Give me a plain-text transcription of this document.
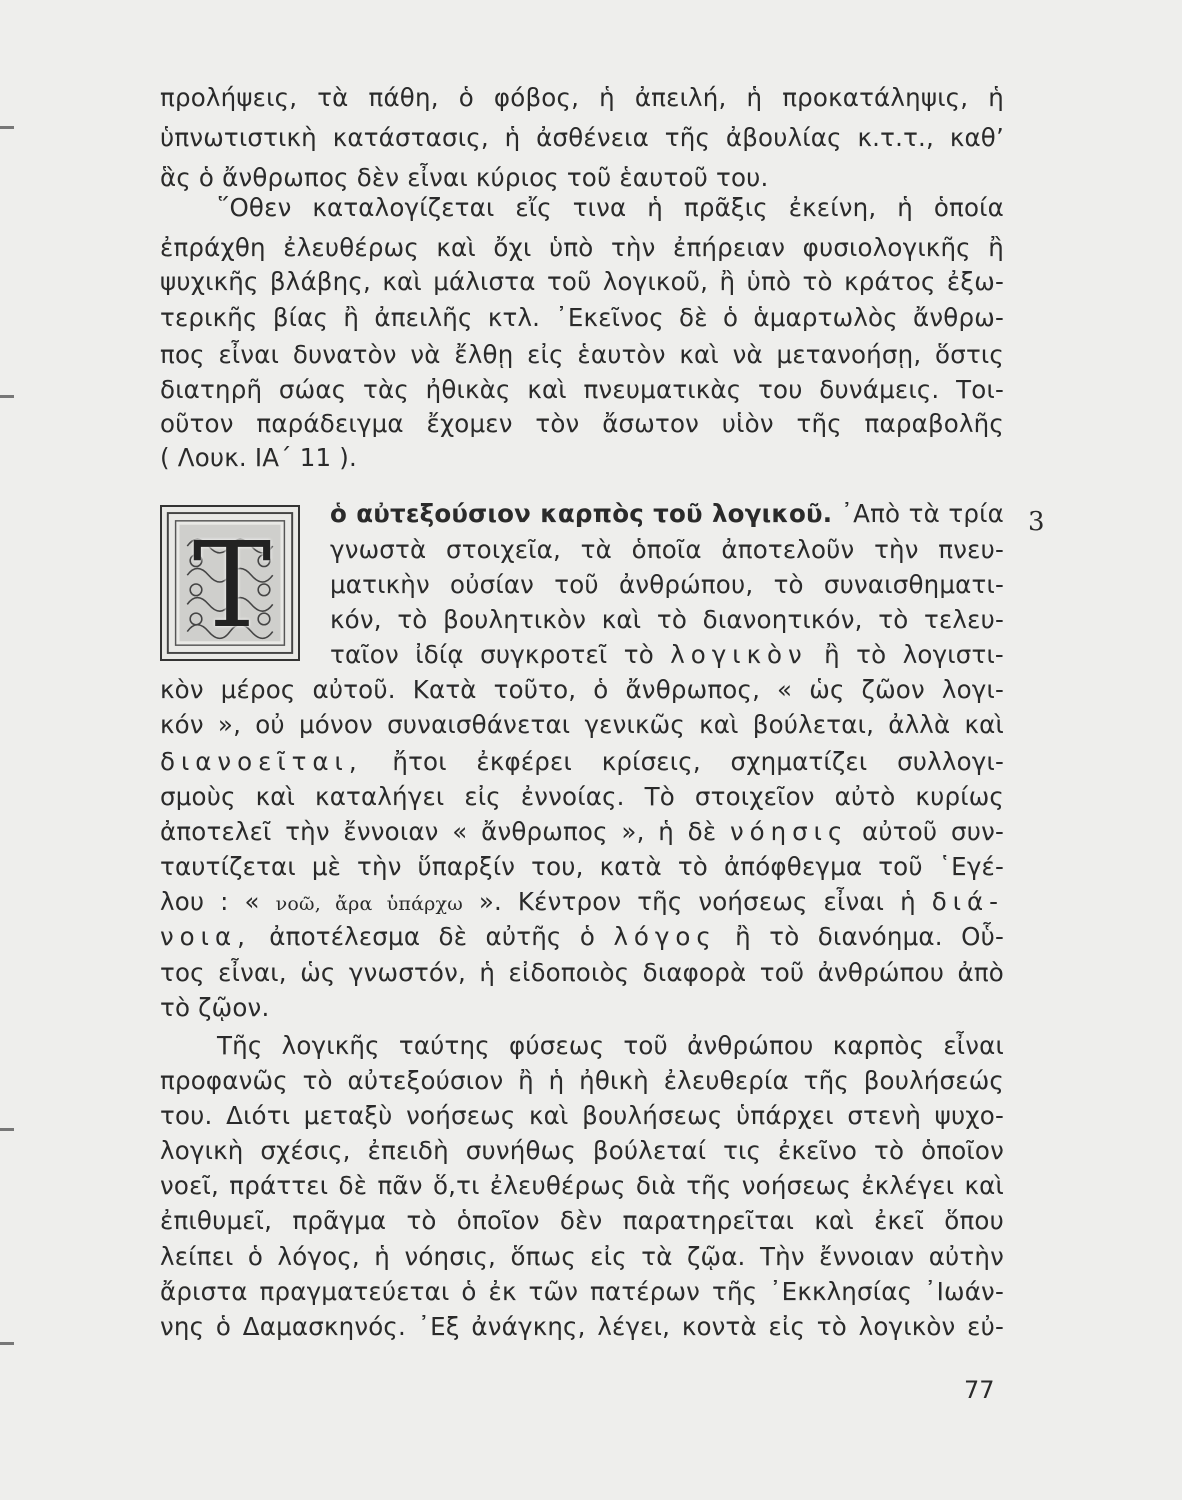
προλήψεις, τὰ πάθη, ὁ φόβος, ἡ ἀπειλή, ἡ προκατάληψις, ἡ
ὑπνωτιστικὴ κατάστασις, ἡ ἀσθένεια τῆς ἀβουλίας κ.τ.τ., καθ’
ἃς ὁ ἄνθρωπος δὲν εἶναι κύριος τοῦ ἑαυτοῦ του.
῞Οθεν καταλογίζεται εἴς τινα ἡ πρᾶξις ἐκείνη, ἡ ὁποία
ἐπράχθη ἐλευθέρως καὶ ὄχι ὑπὸ τὴν ἐπήρειαν φυσιολογικῆς ἢ
ψυχικῆς βλάβης, καὶ μάλιστα τοῦ λογικοῦ, ἢ ὑπὸ τὸ κράτος ἐξω-
τερικῆς βίας ἢ ἀπειλῆς κτλ. ᾿Εκεῖνος δὲ ὁ ἁμαρτωλὸς ἄνθρω-
πος εἶναι δυνατὸν νὰ ἔλθῃ εἰς ἑαυτὸν καὶ νὰ μετανοήσῃ, ὅστις
διατηρῆ σώας τὰς ἠθικὰς καὶ πνευματικὰς του δυνάμεις. Τοι-
οῦτον παράδειγμα ἔχομεν τὸν ἄσωτον υἱὸν τῆς παραβολῆς
( Λουκ. ΙΑ΄ 11 ).
3
T
ὁ αὐτεξούσιον καρπὸς τοῦ λογικοῦ. ᾿Απὸ τὰ τρία
γνωστὰ στοιχεῖα, τὰ ὁποῖα ἀποτελοῦν τὴν πνευ-
ματικὴν οὐσίαν τοῦ ἀνθρώπου, τὸ συναισθηματι-
κόν, τὸ βουλητικὸν καὶ τὸ διανοητικόν, τὸ τελευ-
ταῖον ἰδίᾳ συγκροτεῖ τὸ λογικὸν ἢ τὸ λογιστι-
κὸν μέρος αὐτοῦ. Κατὰ τοῦτο, ὁ ἄνθρωπος, « ὡς ζῶον λογι-
κόν », οὐ μόνον συναισθάνεται γενικῶς καὶ βούλεται, ἀλλὰ καὶ
διανοεῖται, ἤτοι ἐκφέρει κρίσεις, σχηματίζει συλλογι-
σμοὺς καὶ καταλήγει εἰς ἐννοίας. Τὸ στοιχεῖον αὐτὸ κυρίως
ἀποτελεῖ τὴν ἔννοιαν « ἄνθρωπος », ἡ δὲ νόησις αὐτοῦ συν-
ταυτίζεται μὲ τὴν ὕπαρξίν του, κατὰ τὸ ἀπόφθεγμα τοῦ ῾Εγέ-
λου : « νοῶ, ἄρα ὑπάρχω ». Κέντρον τῆς νοήσεως εἶναι ἡ διά-
νοια, ἀποτέλεσμα δὲ αὐτῆς ὁ λόγος ἢ τὸ διανόημα. Οὗ-
τος εἶναι, ὡς γνωστόν, ἡ εἰδοποιὸς διαφορὰ τοῦ ἀνθρώπου ἀπὸ
τὸ ζῷον.
Τῆς λογικῆς ταύτης φύσεως τοῦ ἀνθρώπου καρπὸς εἶναι
προφανῶς τὸ αὐτεξούσιον ἢ ἡ ἠθικὴ ἐλευθερία τῆς βουλήσεώς
του. Διότι μεταξὺ νοήσεως καὶ βουλήσεως ὑπάρχει στενὴ ψυχο-
λογικὴ σχέσις, ἐπειδὴ συνήθως βούλεταί τις ἐκεῖνο τὸ ὁποῖον
νοεῖ, πράττει δὲ πᾶν ὅ,τι ἐλευθέρως διὰ τῆς νοήσεως ἐκλέγει καὶ
ἐπιθυμεῖ, πρᾶγμα τὸ ὁποῖον δὲν παρατηρεῖται καὶ ἐκεῖ ὅπου
λείπει ὁ λόγος, ἡ νόησις, ὅπως εἰς τὰ ζῷα. Τὴν ἔννοιαν αὐτὴν
ἄριστα πραγματεύεται ὁ ἐκ τῶν πατέρων τῆς ᾿Εκκλησίας ᾿Ιωάν-
νης ὁ Δαμασκηνός. ᾿Εξ ἀνάγκης, λέγει, κοντὰ εἰς τὸ λογικὸν εὐ-
77
